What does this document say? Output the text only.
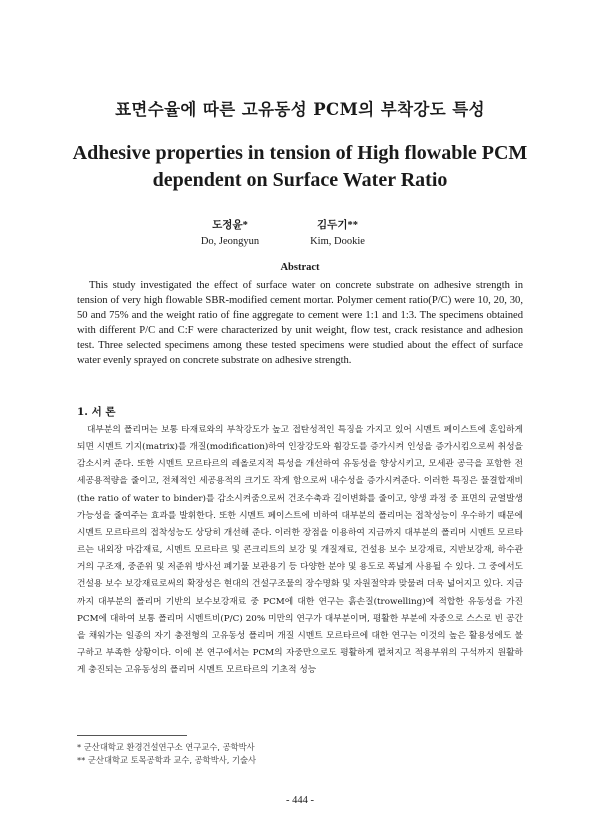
표면수율에 따른 고유동성 PCM의 부착강도 특성
Adhesive properties in tension of High flowable PCM dependent on Surface Water Ratio
도정윤*
Do, Jeongyun
김두기**
Kim, Dookie
Abstract
This study investigated the effect of surface water on concrete substrate on adhesive strength in tension of very high flowable SBR-modified cement mortar. Polymer cement ratio(P/C) were 10, 20, 30, 50 and 75% and the weight ratio of fine aggregate to cement were 1:1 and 1:3. The specimens obtained with different P/C and C:F were characterized by unit weight, flow test, crack resistance and adhesion test. Three selected specimens among these tested specimens were studied about the effect of surface water evenly sprayed on concrete substrate on adhesive strength.
1. 서 론
대부분의 폴리머는 보통 타재료와의 부착강도가 높고 접탄성적인 특징을 가지고 있어 시멘트 페이스트에 혼입하게 되면 시멘트 기지(matrix)를 개질(modification)하여 인장강도와 휨강도를 증가시켜 인성을 증가시킴으로써 취성을 감소시켜 준다. 또한 시멘트 모르타르의 레올로지적 특성을 개선하여 유동성을 향상시키고, 모세관 공극을 포함한 전 세공용적량을 줄이고, 전체적인 세공용적의 크기도 작게 함으로써 내수성을 증가시켜준다. 이러한 특징은 물결합재비(the ratio of water to binder)를 감소시켜줌으로써 건조수축과 길이변화를 줄이고, 양생 과정 중 표면의 균열발생 가능성을 줄여주는 효과를 발휘한다. 또한 시멘트 페이스트에 비하여 대부분의 폴리머는 접착성능이 우수하기 때문에 시멘트 모르타르의 접착성능도 상당히 개선해 준다. 이러한 장점을 이용하여 지금까지 대부분의 폴리머 시멘트 모르타르는 내외장 마감재료, 시멘트 모르타르 및 콘크리트의 보강 및 개질재료, 건설용 보수 보강재료, 지반보강재, 하수관거의 구조재, 중준위 및 저준위 방사선 폐기물 보관용기 등 다양한 분야 및 용도로 폭넓게 사용될 수 있다. 그 중에서도 건설용 보수 보강재료로써의 확장성은 현대의 건설구조물의 장수명화 및 자원절약과 맞물려 더욱 넓어지고 있다. 지금까지 대부분의 폴리머 기반의 보수보강재료 중 PCM에 대한 연구는 흙손질(trowelling)에 적합한 유동성을 가진 PCM에 대하여 보통 폴리머 시멘트비(P/C) 20% 미만의 연구가 대부분이며, 평활한 부분에 자중으로 스스로 빈 공간을 채워가는 일종의 자기 충전형의 고유동성 폴리머 개질 시멘트 모르타르에 대한 연구는 이것의 높은 활용성에도 불구하고 부족한 상황이다. 이에 본 연구에서는 PCM의 자중만으로도 평활하게 펼쳐지고 적용부위의 구석까지 원활하게 충진되는 고유동성의 폴리머 시멘트 모르타르의 기초적 성능
* 군산대학교 환경건설연구소 연구교수, 공학박사
** 군산대학교 토목공학과 교수, 공학박사, 기술사
- 444 -
